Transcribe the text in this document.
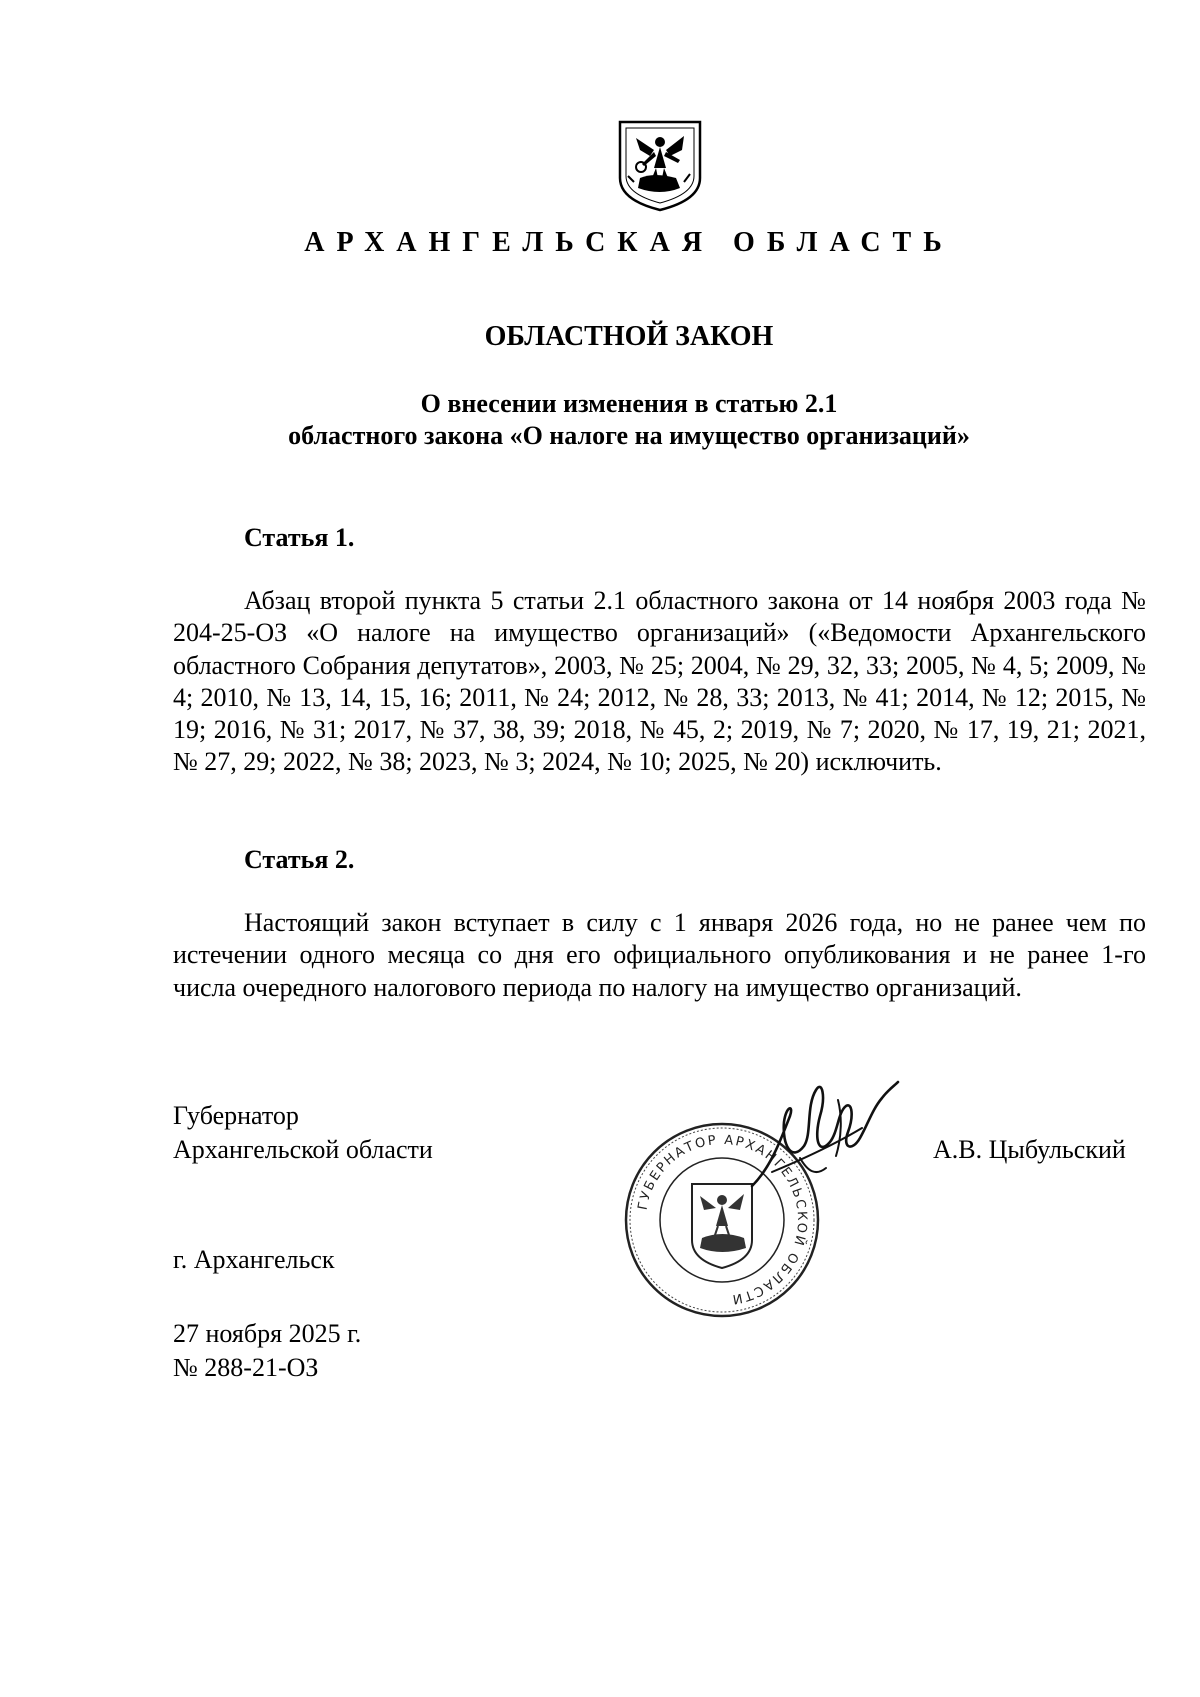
АРХАНГЕЛЬСКАЯ ОБЛАСТЬ
ОБЛАСТНОЙ ЗАКОН
О внесении изменения в статью 2.1
областного закона «О налоге на имущество организаций»
Статья 1.
Абзац второй пункта 5 статьи 2.1 областного закона от 14 ноября 2003 года № 204-25-ОЗ «О налоге на имущество организаций» («Ведомости Архангельского областного Собрания депутатов», 2003, № 25; 2004, № 29, 32, 33; 2005, № 4, 5; 2009, № 4; 2010, № 13, 14, 15, 16; 2011, № 24; 2012, № 28, 33; 2013, № 41; 2014, № 12; 2015, № 19; 2016, № 31; 2017, № 37, 38, 39; 2018, № 45, 2; 2019, № 7; 2020, № 17, 19, 21; 2021, № 27, 29; 2022, № 38; 2023, № 3; 2024, № 10; 2025, № 20) исключить.
Статья 2.
Настоящий закон вступает в силу с 1 января 2026 года, но не ранее чем по истечении одного месяца со дня его официального опубликования и не ранее 1-го числа очередного налогового периода по налогу на имущество организаций.
Губернатор
Архангельской области	А.В. Цыбульский
ГУБЕРНАТОР АРХАНГЕЛЬСКОЙ ОБЛАСТИ
г. Архангельск
27 ноября 2025 г.
№ 288-21-ОЗ
